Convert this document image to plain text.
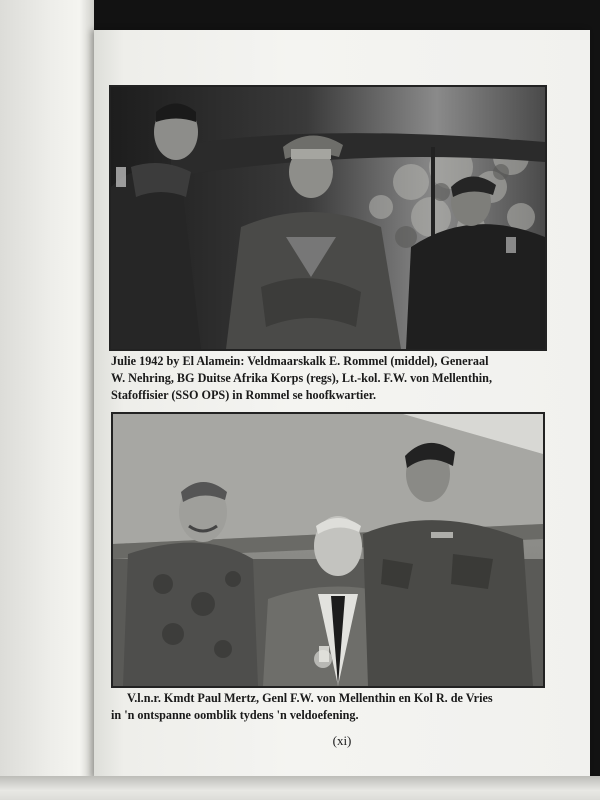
Julie 1942 by El Alamein: Veldmaarskalk E. Rommel (middel), Generaal
W. Nehring, BG Duitse Afrika Korps (regs), Lt.-kol. F.W. von Mellenthin,
Stafoffisier (SSO OPS) in Rommel se hoofkwartier.
V.l.n.r. Kmdt Paul Mertz, Genl F.W. von Mellenthin en Kol R. de Vries
in 'n ontspanne oomblik tydens 'n veldoefening.
(xi)
